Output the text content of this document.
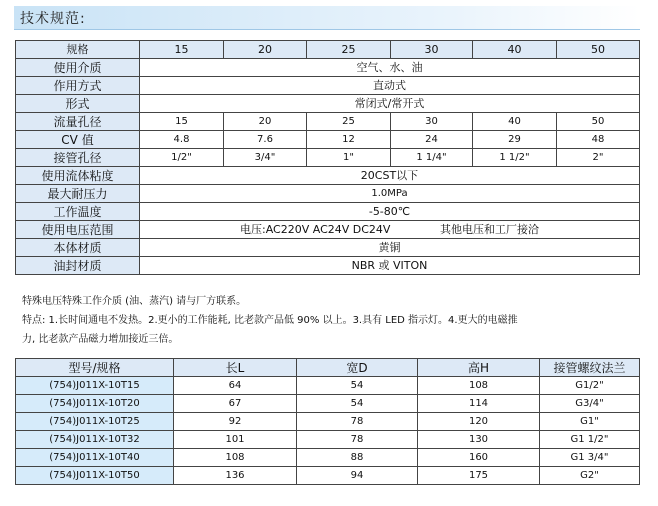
技术规范:
规格	15	20	25	30	40	50
使用介质	空气、水、油					
作用方式	直动式					
形式	常闭式/常开式					
流量孔径	15	20	25	30	40	50
CV 值	4.8	7.6	12	24	29	48
接管孔径	1/2"	3/4"	1"	1 1/4"	1 1/2"	2"
使用流体粘度	20CST以下					
最大耐压力	1.0MPa					
工作温度	-5-80℃					
使用电压范围	电压:AC220V AC24V DC24V 其他电压和工厂接洽					
本体材质	黄铜					
油封材质	NBR 或 VITON					
特殊电压特殊工作介质 (油、蒸汽) 请与厂方联系。
特点: 1.长时间通电不发热。2.更小的工作能耗, 比老款产品低 90% 以上。3.具有 LED 指示灯。4.更大的电磁推
力, 比老款产品磁力增加接近三倍。
型号/规格	长L	宽D	高H	接管螺纹法兰
(754)J011X-10T15	64	54	108	G1/2"
(754)J011X-10T20	67	54	114	G3/4"
(754)J011X-10T25	92	78	120	G1"
(754)J011X-10T32	101	78	130	G1 1/2"
(754)J011X-10T40	108	88	160	G1 3/4"
(754)J011X-10T50	136	94	175	G2"
